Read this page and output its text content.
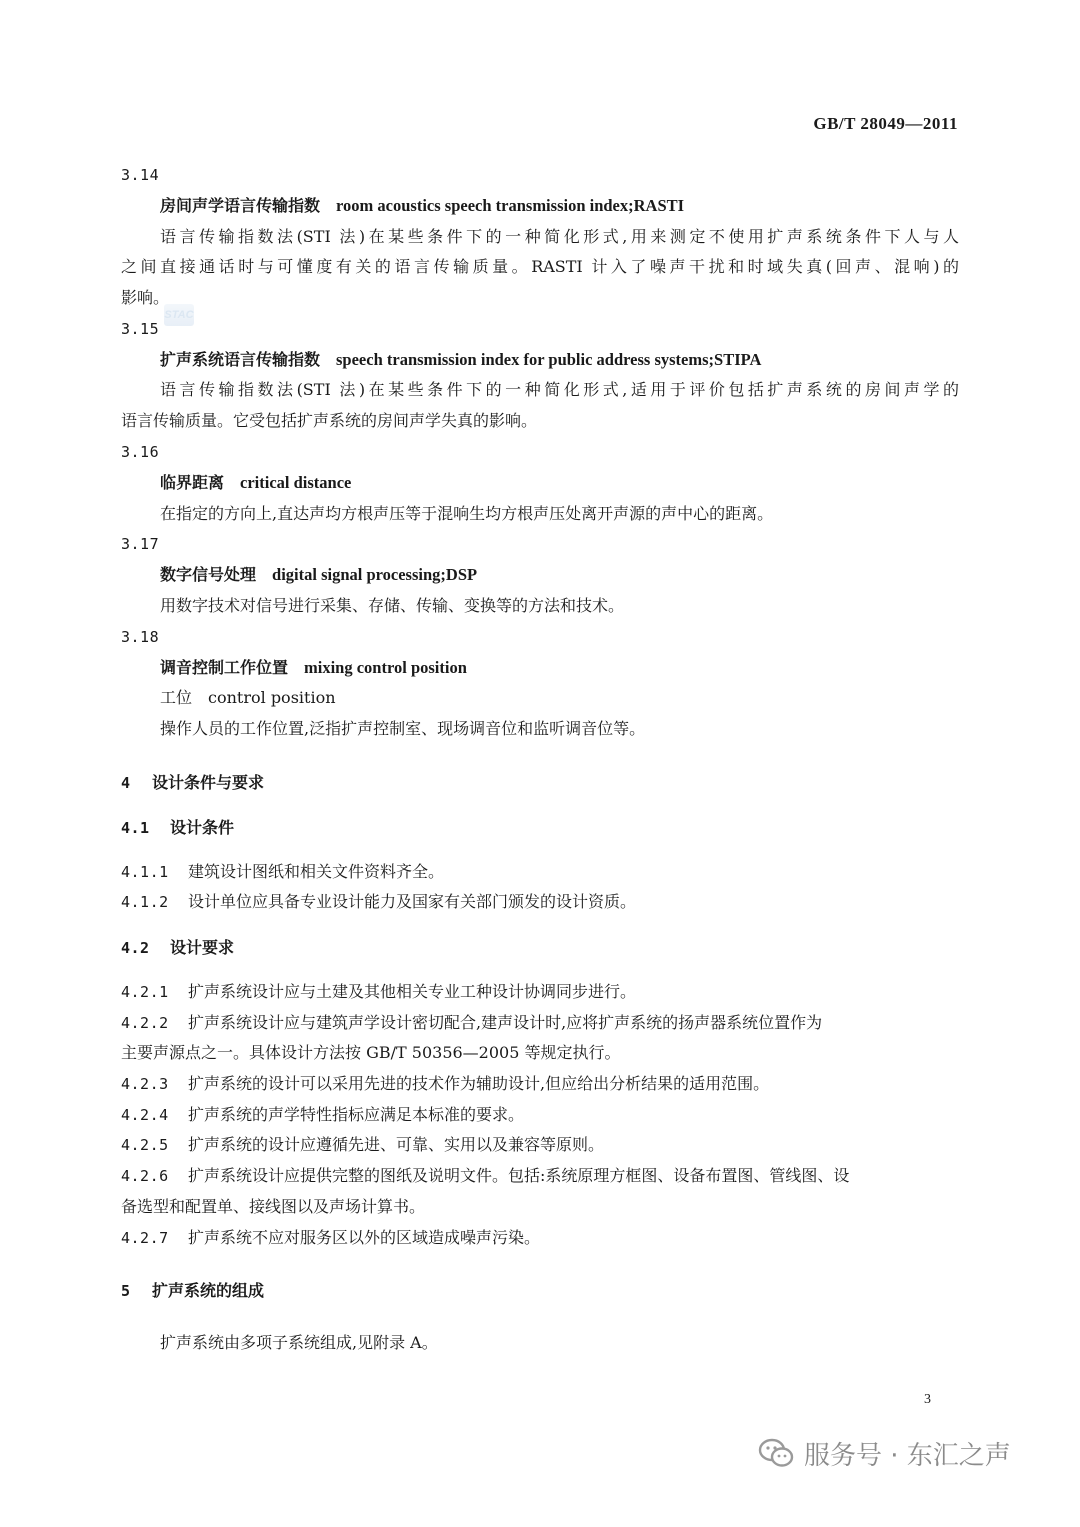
GB/T 28049—2011
STAC
3.14
房间声学语言传输指数 room acoustics speech transmission index;RASTI
语言传输指数法(STI 法)在某些条件下的一种简化形式,用来测定不使用扩声系统条件下人与人
之间直接通话时与可懂度有关的语言传输质量。RASTI 计入了噪声干扰和时域失真(回声、混响)的
影响。
3.15
扩声系统语言传输指数 speech transmission index for public address systems;STIPA
语言传输指数法(STI 法)在某些条件下的一种简化形式,适用于评价包括扩声系统的房间声学的
语言传输质量。它受包括扩声系统的房间声学失真的影响。
3.16
临界距离 critical distance
在指定的方向上,直达声均方根声压等于混响生均方根声压处离开声源的声中心的距离。
3.17
数字信号处理 digital signal processing;DSP
用数字技术对信号进行采集、存储、传输、变换等的方法和技术。
3.18
调音控制工作位置 mixing control position
工位　control position
操作人员的工作位置,泛指扩声控制室、现场调音位和监听调音位等。
4 设计条件与要求
4.1 设计条件
4.1.1 建筑设计图纸和相关文件资料齐全。
4.1.2 设计单位应具备专业设计能力及国家有关部门颁发的设计资质。
4.2 设计要求
4.2.1 扩声系统设计应与土建及其他相关专业工种设计协调同步进行。
4.2.2 扩声系统设计应与建筑声学设计密切配合,建声设计时,应将扩声系统的扬声器系统位置作为
主要声源点之一。具体设计方法按 GB/T 50356—2005 等规定执行。
4.2.3 扩声系统的设计可以采用先进的技术作为辅助设计,但应给出分析结果的适用范围。
4.2.4 扩声系统的声学特性指标应满足本标准的要求。
4.2.5 扩声系统的设计应遵循先进、可靠、实用以及兼容等原则。
4.2.6 扩声系统设计应提供完整的图纸及说明文件。包括:系统原理方框图、设备布置图、管线图、设
备选型和配置单、接线图以及声场计算书。
4.2.7 扩声系统不应对服务区以外的区域造成噪声污染。
5 扩声系统的组成
扩声系统由多项子系统组成,见附录 A。
3
服务号 · 东汇之声
